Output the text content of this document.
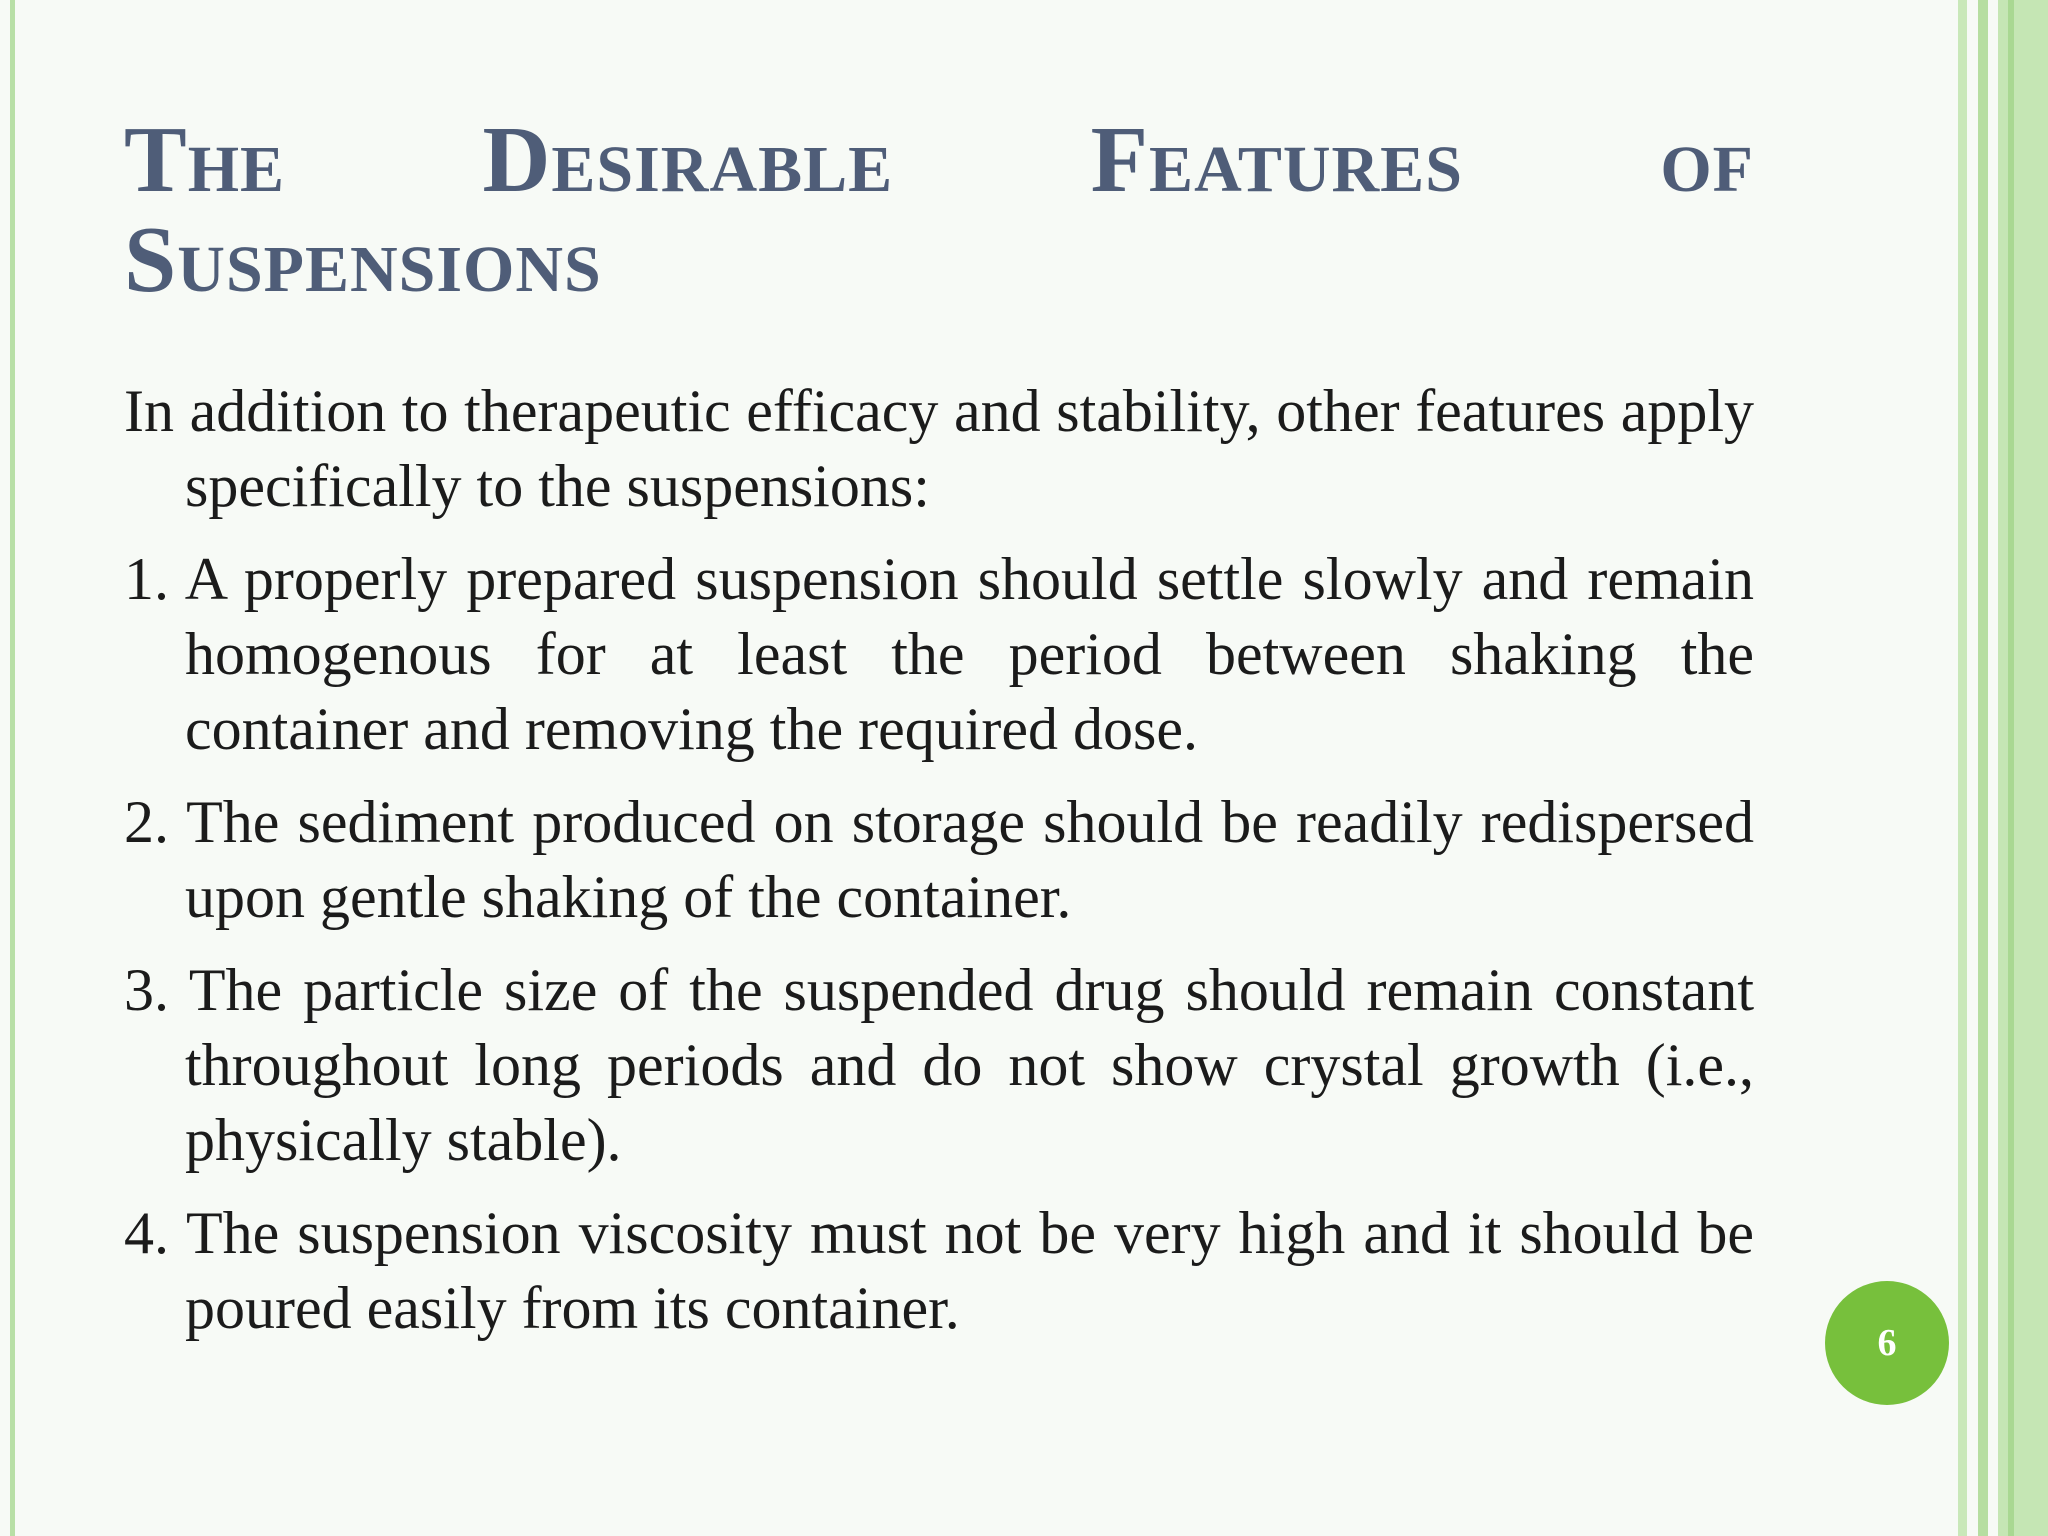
The Desirable Features of
Suspensions

In addition to therapeutic efficacy and stability, other features apply specifically to the suspensions:

1. A properly prepared suspension should settle slowly and remain homogenous for at least the period between shaking the container and removing the required dose.

2. The sediment produced on storage should be readily redispersed upon gentle shaking of the container.

3. The particle size of the suspended drug should remain constant throughout long periods and do not show crystal growth (i.e., physically stable).

4. The suspension viscosity must not be very high and it should be poured easily from its container.

6
